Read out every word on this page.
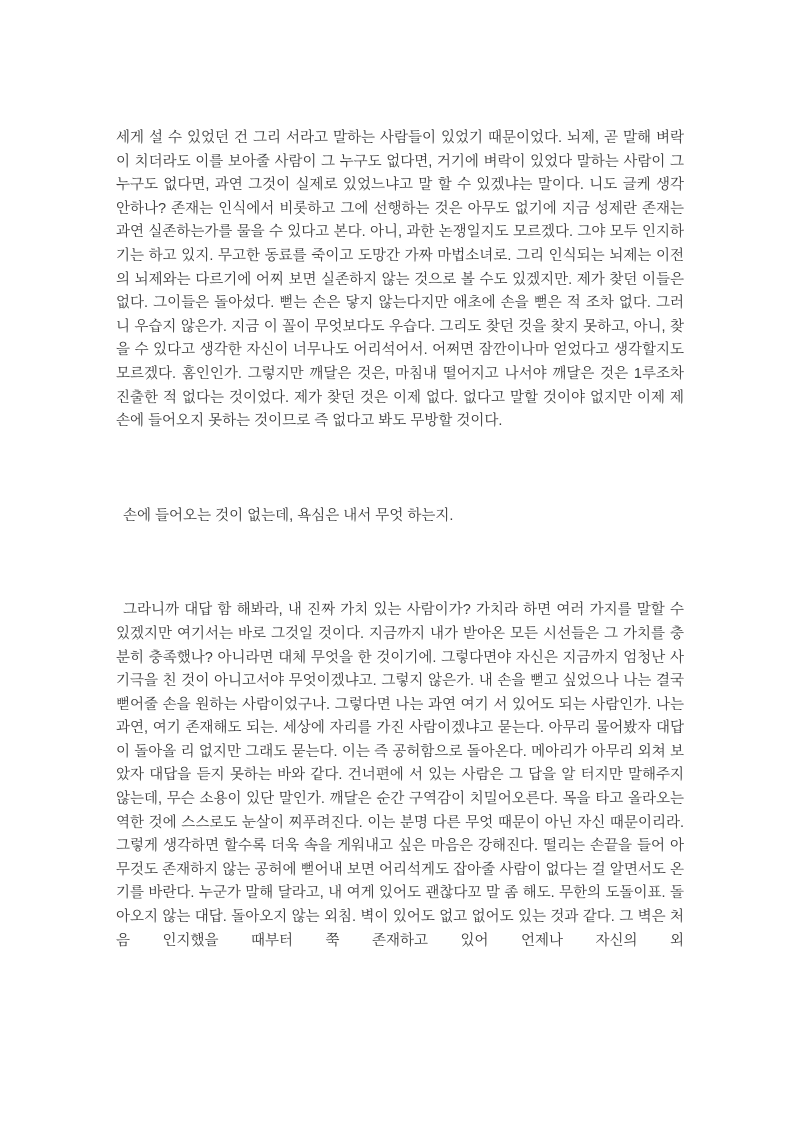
세게 설 수 있었던 건 그리 서라고 말하는 사람들이 있었기 때문이었다. 뇌제, 곧 말해 벼락이 치더라도 이를 보아줄 사람이 그 누구도 없다면, 거기에 벼락이 있었다 말하는 사람이 그 누구도 없다면, 과연 그것이 실제로 있었느냐고 말 할 수 있겠냐는 말이다. 니도 글케 생각 안하나? 존재는 인식에서 비롯하고 그에 선행하는 것은 아무도 없기에 지금 성제란 존재는 과연 실존하는가를 물을 수 있다고 본다. 아니, 과한 논쟁일지도 모르겠다. 그야 모두 인지하기는 하고 있지. 무고한 동료를 죽이고 도망간 가짜 마법소녀로. 그리 인식되는 뇌제는 이전의 뇌제와는 다르기에 어찌 보면 실존하지 않는 것으로 볼 수도 있겠지만. 제가 찾던 이들은 없다. 그이들은 돌아섰다. 뻗는 손은 닿지 않는다지만 애초에 손을 뻗은 적 조차 없다. 그러니 우습지 않은가. 지금 이 꼴이 무엇보다도 우습다. 그리도 찾던 것을 찾지 못하고, 아니, 찾을 수 있다고 생각한 자신이 너무나도 어리석어서. 어쩌면 잠깐이나마 얻었다고 생각할지도 모르겠다. 홈인인가. 그렇지만 깨달은 것은, 마침내 떨어지고 나서야 깨달은 것은 1루조차 진출한 적 없다는 것이었다. 제가 찾던 것은 이제 없다. 없다고 말할 것이야 없지만 이제 제 손에 들어오지 못하는 것이므로 즉 없다고 봐도 무방할 것이다.

손에 들어오는 것이 없는데, 욕심은 내서 무엇 하는지.

그라니까 대답 함 해봐라, 내 진짜 가치 있는 사람이가? 가치라 하면 여러 가지를 말할 수 있겠지만 여기서는 바로 그것일 것이다. 지금까지 내가 받아온 모든 시선들은 그 가치를 충분히 충족했나? 아니라면 대체 무엇을 한 것이기에. 그렇다면야 자신은 지금까지 엄청난 사기극을 친 것이 아니고서야 무엇이겠냐고. 그렇지 않은가. 내 손을 뻗고 싶었으나 나는 결국 뻗어줄 손을 원하는 사람이었구나. 그렇다면 나는 과연 여기 서 있어도 되는 사람인가. 나는 과연, 여기 존재해도 되는. 세상에 자리를 가진 사람이겠냐고 묻는다. 아무리 물어봤자 대답이 돌아올 리 없지만 그래도 묻는다. 이는 즉 공허함으로 돌아온다. 메아리가 아무리 외쳐 보았자 대답을 듣지 못하는 바와 같다. 건너편에 서 있는 사람은 그 답을 알 터지만 말해주지 않는데, 무슨 소용이 있단 말인가. 깨달은 순간 구역감이 치밀어오른다. 목을 타고 올라오는 역한 것에 스스로도 눈살이 찌푸려진다. 이는 분명 다른 무엇 때문이 아닌 자신 때문이리라. 그렇게 생각하면 할수록 더욱 속을 게워내고 싶은 마음은 강해진다. 떨리는 손끝을 들어 아무것도 존재하지 않는 공허에 뻗어내 보면 어리석게도 잡아줄 사람이 없다는 걸 알면서도 온기를 바란다. 누군가 말해 달라고, 내 여게 있어도 괜찮다꼬 말 좀 해도. 무한의 도돌이표. 돌아오지 않는 대답. 돌아오지 않는 외침. 벽이 있어도 없고 없어도 있는 것과 같다. 그 벽은 처음 인지했을 때부터 쭉 존재하고 있어 언제나 자신의 외
